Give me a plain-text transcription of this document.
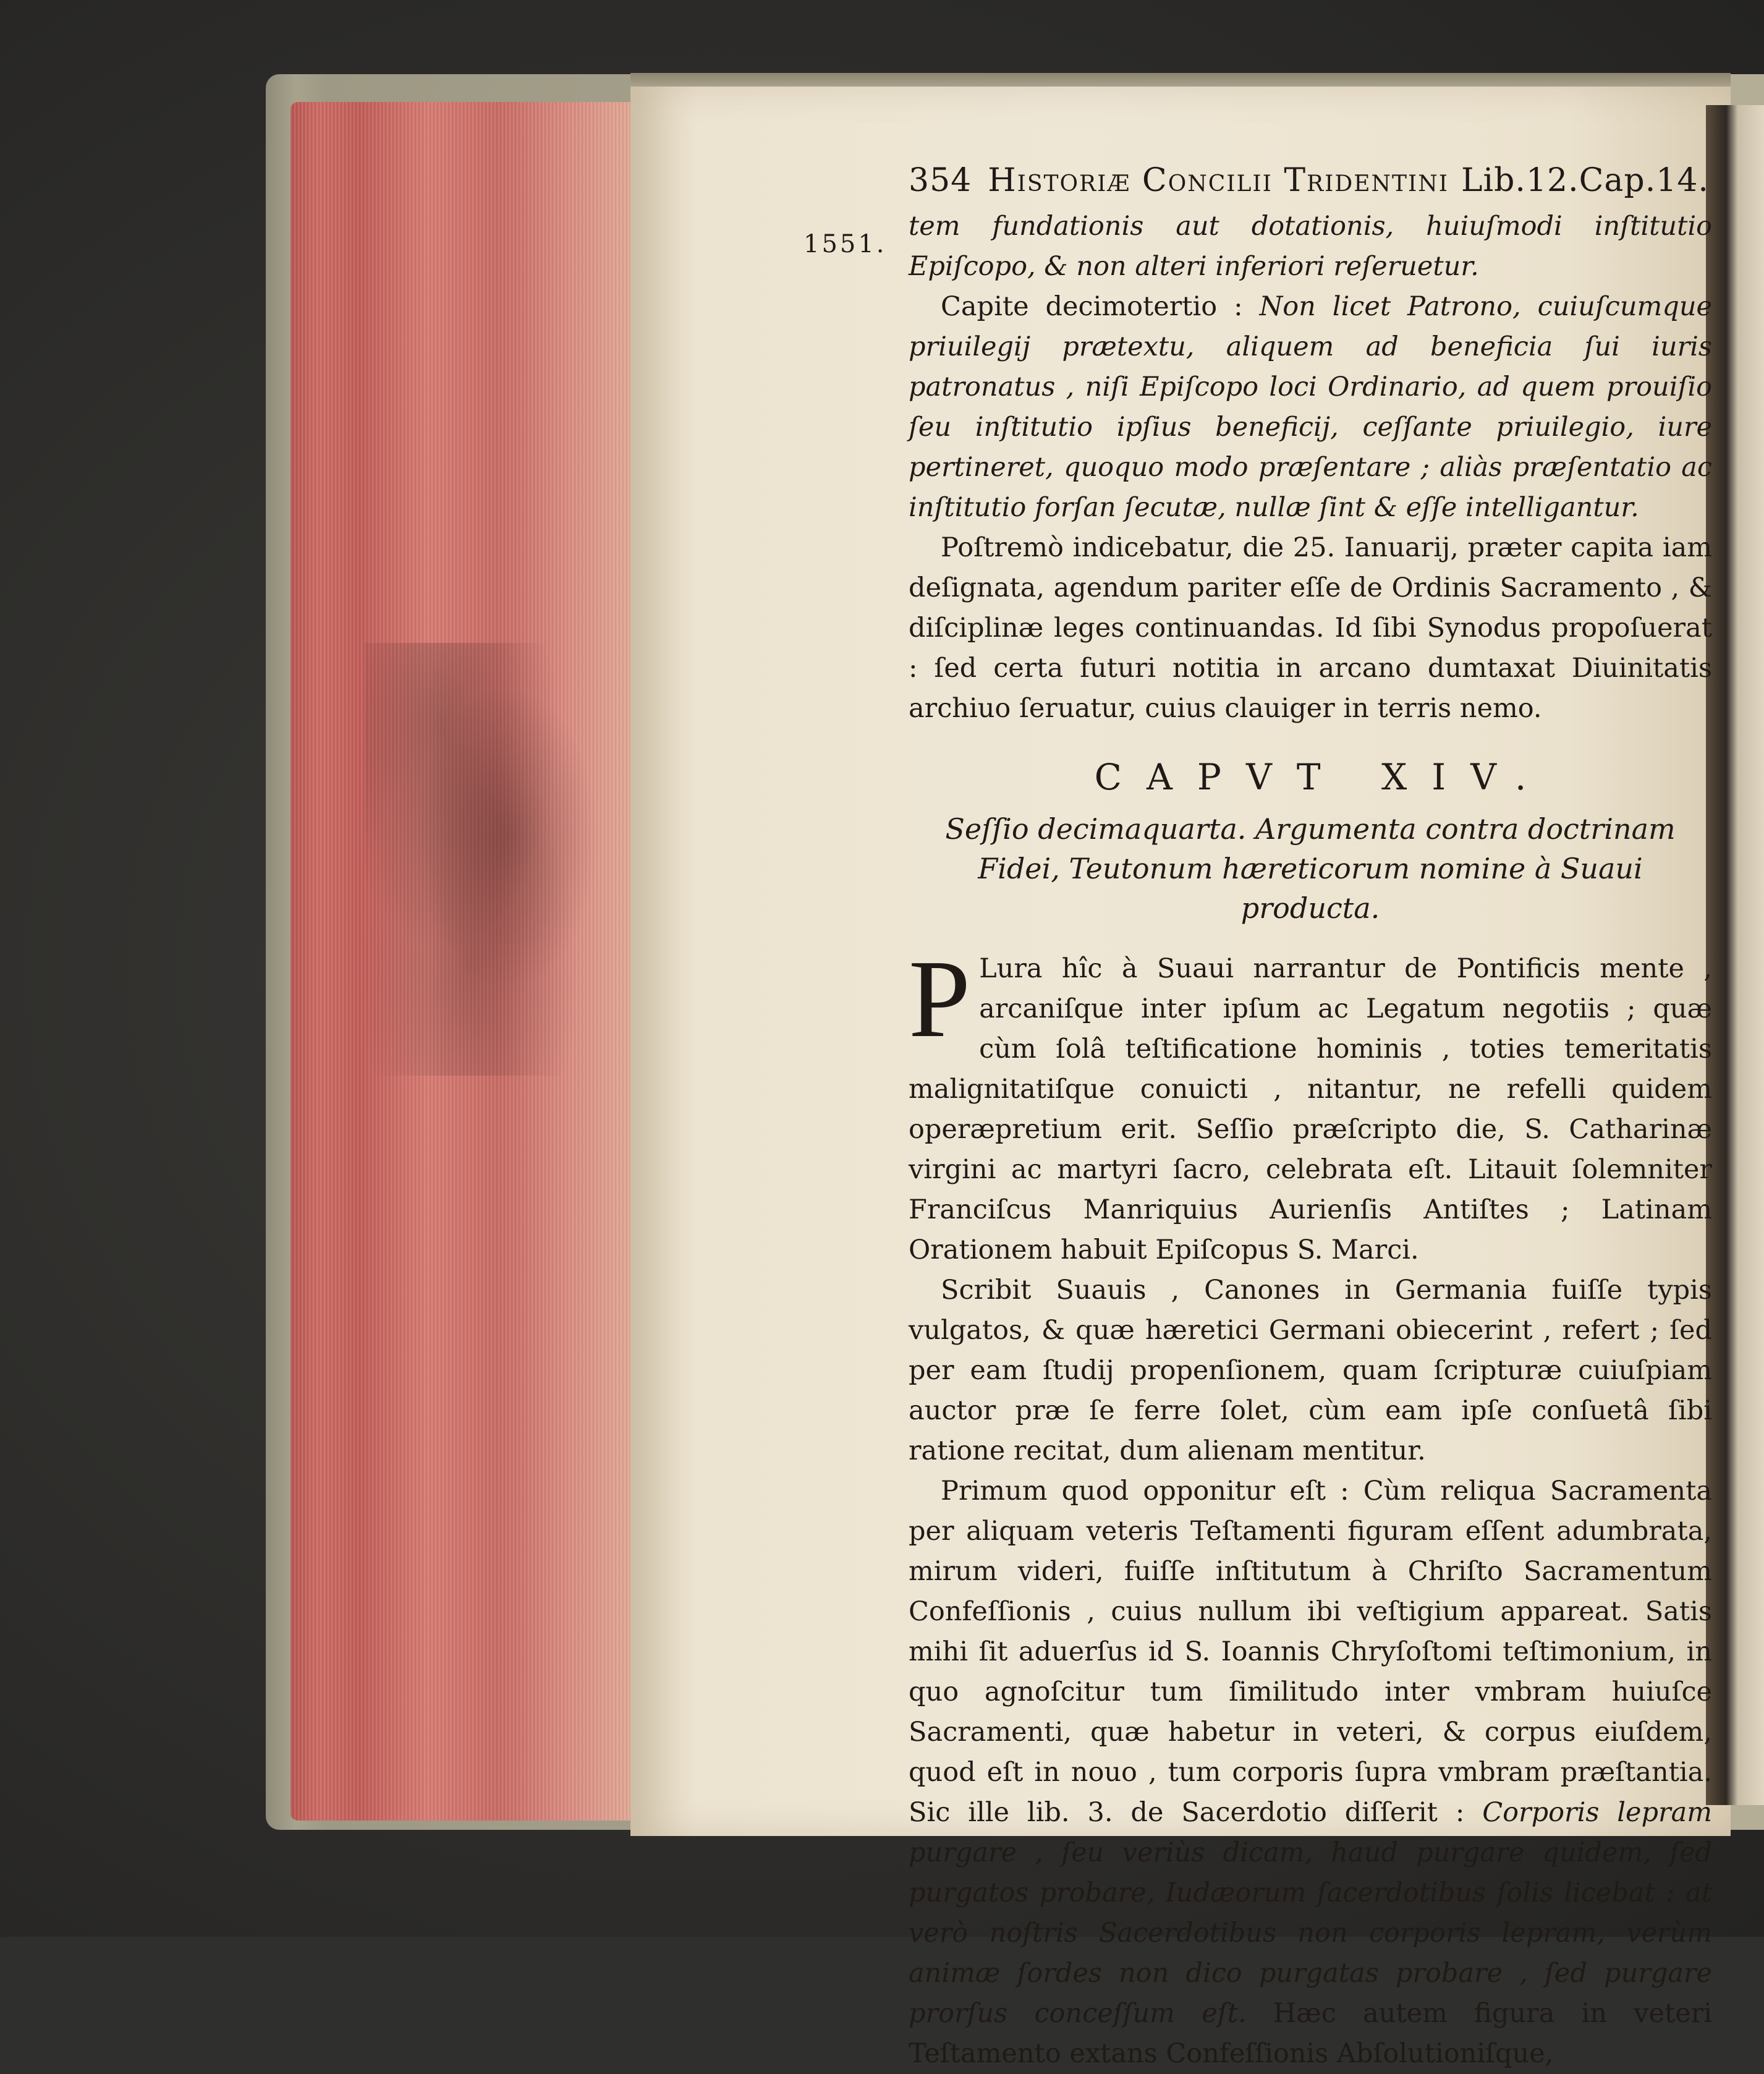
354 Historiæ Concilii Tridentini Lib.12.Cap.14.
1551.

tem fundationis aut dotationis, huiuſmodi inſtitutio Epiſcopo, & non alteri inferiori reſeruetur.

Capite decimotertio : Non licet Patrono, cuiuſcumque priuilegij prætextu, aliquem ad beneficia ſui iuris patronatus , niſi Epiſcopo loci Ordinario, ad quem prouiſio ſeu inſtitutio ipſius beneficij, ceſſante priuilegio, iure pertineret, quoquo modo præſentare ; aliàs præſentatio ac inſtitutio forſan ſecutæ, nullæ ſint & eſſe intelligantur.

Poſtremò indicebatur, die 25. Ianuarij, præter capita iam deſignata, agendum pariter eſſe de Ordinis Sacramento , & diſciplinæ leges continuandas. Id ſibi Synodus propoſuerat : ſed certa futuri notitia in arcano dumtaxat Diuinitatis archiuo ſeruatur, cuius clauiger in terris nemo.

CAPVT XIV.
Seſſio decimaquarta. Argumenta contra doctrinam Fidei, Teutonum hæreticorum nomine à Suaui producta.

P Lura hîc à Suaui narrantur de Pontificis mente , arcaniſque inter ipſum ac Legatum negotiis ; quæ cùm ſolâ teſtificatione hominis , toties temeritatis malignitatiſque conuicti , nitantur, ne refelli quidem operæpretium erit. Seſſio præſcripto die, S. Catharinæ virgini ac martyri ſacro, celebrata eſt. Litauit ſolemniter Franciſcus Manriquius Aurienſis Antiſtes ; Latinam Orationem habuit Epiſcopus S. Marci.

Scribit Suauis , Canones in Germania fuiſſe typis vulgatos, & quæ hæretici Germani obiecerint , refert ; ſed per eam ſtudij propenſionem, quam ſcripturæ cuiuſpiam auctor præ ſe ferre ſolet, cùm eam ipſe conſuetâ ſibi ratione recitat, dum alienam mentitur.

Primum quod opponitur eſt : Cùm reliqua Sacramenta per aliquam veteris Teſtamenti figuram eſſent adumbrata, mirum videri, fuiſſe inſtitutum à Chriſto Sacramentum Confeſſionis , cuius nullum ibi veſtigium appareat. Satis mihi ſit aduerſus id S. Ioannis Chryſoſtomi teſtimonium, in quo agnoſcitur tum ſimilitudo inter vmbram huiuſce Sacramenti, quæ habetur in veteri, & corpus eiuſdem, quod eſt in nouo , tum corporis ſupra vmbram præſtantia. Sic ille lib. 3. de Sacerdotio diſſerit : Corporis lepram purgare , ſeu veriùs dicam, haud purgare quidem, ſed purgatos probare, Iudæorum ſacerdotibus ſolis licebat : at verò noſtris Sacerdotibus non corporis lepram, verùm animæ ſordes non dico purgatas probare , ſed purgare prorſus conceſſum eſt. Hæc autem figura in veteri Teſtamento extans Confeſſionis Abſolutioniſque,
